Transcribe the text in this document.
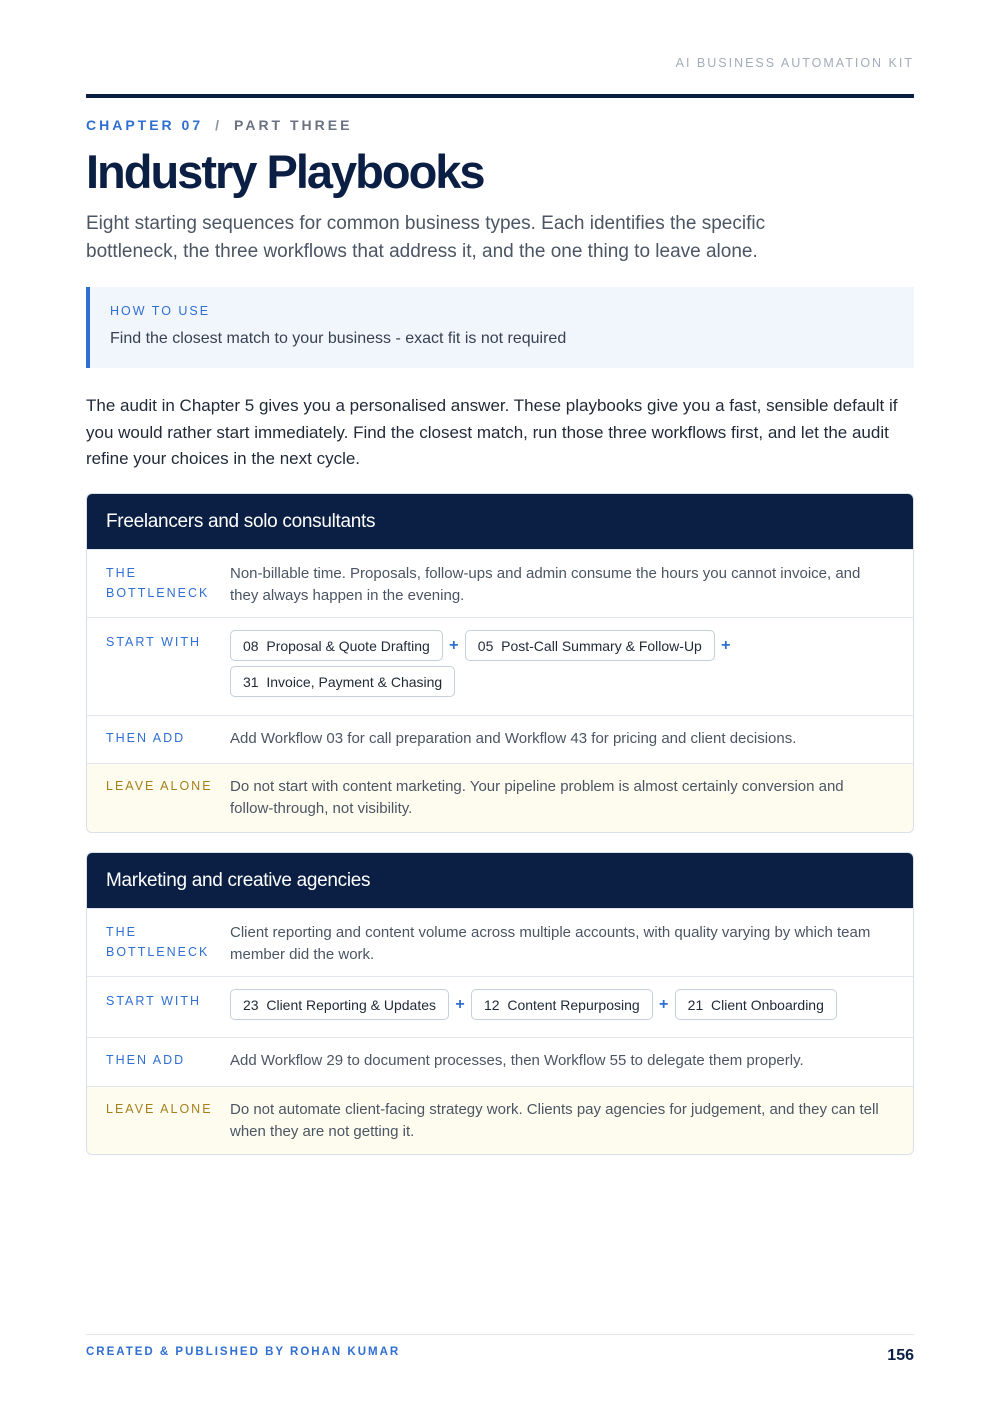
AI BUSINESS AUTOMATION KIT
CHAPTER 07 / PART THREE
Industry Playbooks

Eight starting sequences for common business types. Each identifies the specific bottleneck, the three workflows that address it, and the one thing to leave alone.

HOW TO USE
Find the closest match to your business - exact fit is not required

The audit in Chapter 5 gives you a personalised answer. These playbooks give you a fast, sensible default if you would rather start immediately. Find the closest match, run those three workflows first, and let the audit refine your choices in the next cycle.

Freelancers and solo consultants
THE
BOTTLENECK
Non-billable time. Proposals, follow-ups and admin consume the hours you cannot invoice, and they always happen in the evening.
START WITH	08  Proposal & Quote Drafting	+	05  Post-Call Summary & Follow-Up	+
31  Invoice, Payment & Chasing
THEN ADD	Add Workflow 03 for call preparation and Workflow 43 for pricing and client decisions.
LEAVE ALONE	Do not start with content marketing. Your pipeline problem is almost certainly conversion and follow-through, not visibility.
Marketing and creative agencies
THE
BOTTLENECK
Client reporting and content volume across multiple accounts, with quality varying by which team member did the work.
START WITH	23  Client Reporting & Updates	+	12  Content Repurposing	+	21  Client Onboarding
THEN ADD	Add Workflow 29 to document processes, then Workflow 55 to delegate them properly.
LEAVE ALONE	Do not automate client-facing strategy work. Clients pay agencies for judgement, and they can tell when they are not getting it.
CREATED & PUBLISHED BY ROHAN KUMAR	156
